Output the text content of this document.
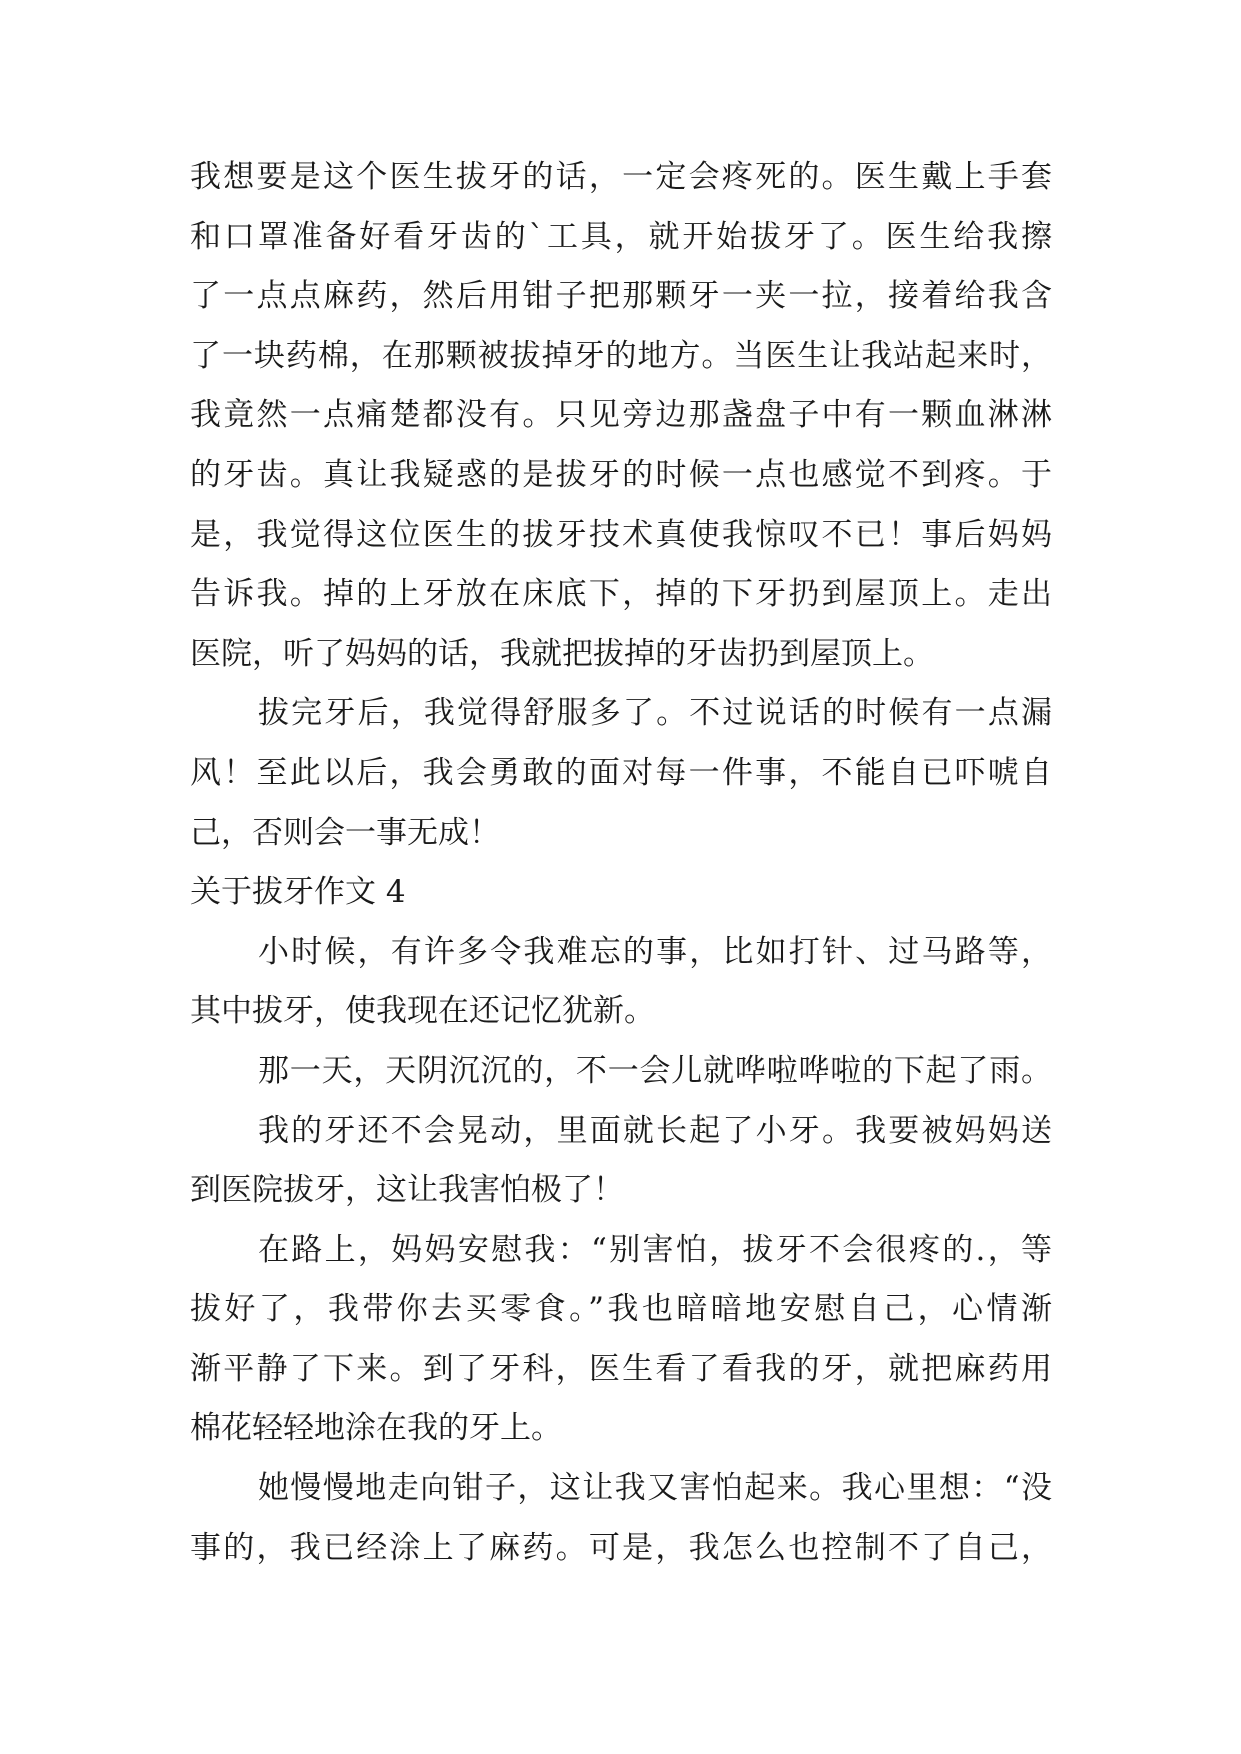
我想要是这个医生拔牙的话，一定会疼死的。医生戴上手套
和口罩准备好看牙齿的`工具，就开始拔牙了。医生给我擦
了一点点麻药，然后用钳子把那颗牙一夹一拉，接着给我含
了一块药棉，在那颗被拔掉牙的地方。当医生让我站起来时，
我竟然一点痛楚都没有。只见旁边那盏盘子中有一颗血淋淋
的牙齿。真让我疑惑的是拔牙的时候一点也感觉不到疼。于
是，我觉得这位医生的拔牙技术真使我惊叹不已！事后妈妈
告诉我。掉的上牙放在床底下，掉的下牙扔到屋顶上。走出
医院，听了妈妈的话，我就把拔掉的牙齿扔到屋顶上。
拔完牙后，我觉得舒服多了。不过说话的时候有一点漏
风！至此以后，我会勇敢的面对每一件事，不能自已吓唬自
己，否则会一事无成！
关于拔牙作文 4
小时候，有许多令我难忘的事，比如打针、过马路等，
其中拔牙，使我现在还记忆犹新。
那一天，天阴沉沉的，不一会儿就哗啦哗啦的下起了雨。
我的牙还不会晃动，里面就长起了小牙。我要被妈妈送
到医院拔牙，这让我害怕极了！
在路上，妈妈安慰我：“别害怕，拔牙不会很疼的.，等
拔好了，我带你去买零食。”我也暗暗地安慰自己，心情渐
渐平静了下来。到了牙科，医生看了看我的牙，就把麻药用
棉花轻轻地涂在我的牙上。
她慢慢地走向钳子，这让我又害怕起来。我心里想：“没
事的，我已经涂上了麻药。可是，我怎么也控制不了自己，
